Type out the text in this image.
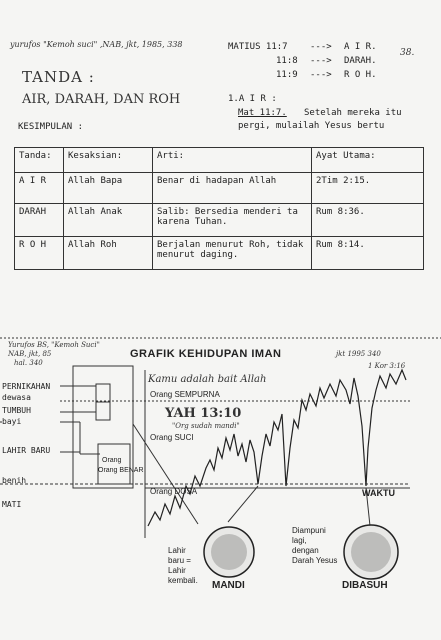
yurufos "Kemoh suci" ,NAB, jkt, 1985, 338
38.
MATIUS 11:7 ---> A I R.
11:8 ---> DARAH.
11:9 ---> R O H.
TANDA :
AIR, DARAH, DAN ROH	1.A I R :
Mat 11:7. Setelah mereka itu
pergi, mulailah Yesus bertu
KESIMPULAN :
Tanda:	Kesaksian:	Arti:	Ayat Utama:
A I R	Allah Bapa	Benar di hadapan Allah	2Tim 2:15.
DARAH	Allah Anak	Salib: Bersedia menderi ta karena Tuhan.	Rum 8:36.
R O H	Allah Roh	Berjalan menurut Roh, tidak menurut daging.	Rum 8:14.
Yurufos BS, "Kemoh Suci"
NAB, jkt, 85
hal. 340
GRAFIK KEHIDUPAN IMAN	jkt 1995 340
1 Kor 3:16
PERNIKAHAN
dewasa
TUMBUH
bayi
LAHIR BARU
benih
MATI
Orang SEMPURNA
Orang SUCI
Orang DOSA
Orang
Orang BENAR
Kamu adalah bait Allah
YAH 13:10
"Org sudah mandi"
WAKTU
Lahir
baru =
Lahir
kembali. MANDI
Diampuni
lagi,
dengan
Darah Yesus
DIBASUH
